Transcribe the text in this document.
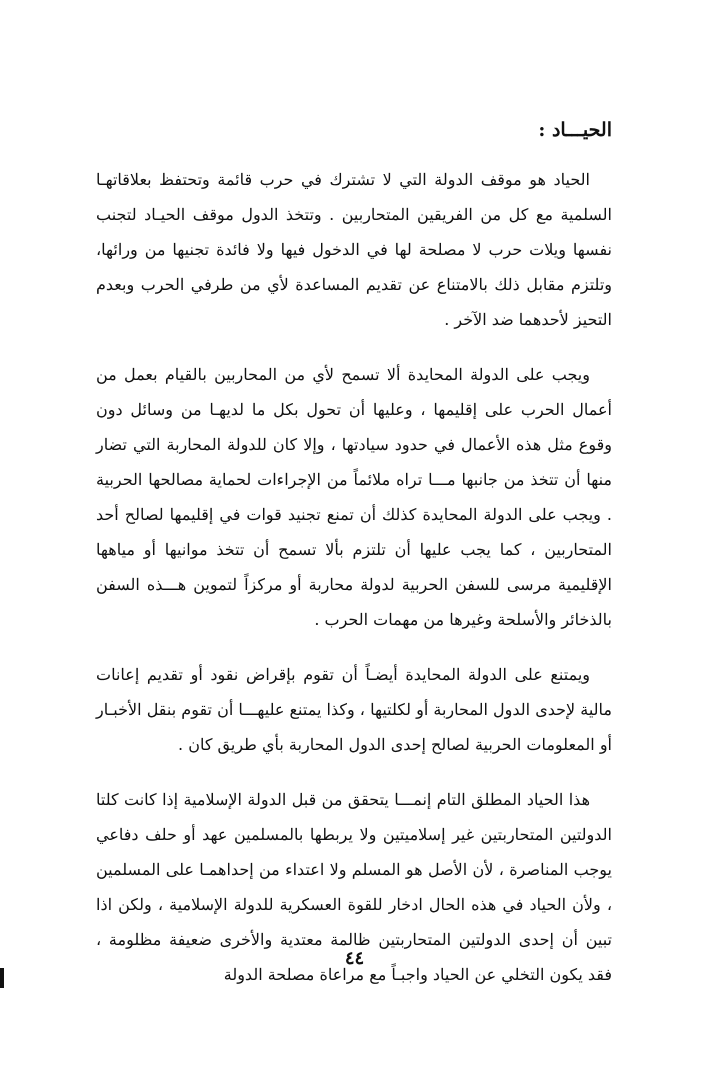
الحيـــاد :

الحياد هو موقف الدولة التي لا تشترك في حرب قائمة وتحتفظ بعلاقاتهـا السلمية مع كل من الفريقين المتحاربين . وتتخذ الدول موقف الحيـاد لتجنب نفسها ويلات حرب لا مصلحة لها في الدخول فيها ولا فائدة تجنيها من ورائها، وتلتزم مقابل ذلك بالامتناع عن تقديم المساعدة لأي من طرفي الحرب وبعدم التحيز لأحدهما ضد الآخر .

ويجب على الدولة المحايدة ألا تسمح لأي من المحاربين بالقيام بعمل من أعمال الحرب على إقليمها ، وعليها أن تحول بكل ما لديهـا من وسائل دون وقوع مثل هذه الأعمال في حدود سيادتها ، وإلا كان للدولة المحاربة التي تضار منها أن تتخذ من جانبها مـــا تراه ملائماً من الإجراءات لحماية مصالحها الحربية . ويجب على الدولة المحايدة كذلك أن تمنع تجنيد قوات في إقليمها لصالح أحد المتحاربين ، كما يجب عليها أن تلتزم بألا تسمح أن تتخذ موانيها أو مياهها الإقليمية مرسى للسفن الحربية لدولة محاربة أو مركزاً لتموين هـــذه السفن بالذخائر والأسلحة وغيرها من مهمات الحرب .

ويمتنع على الدولة المحايدة أيضـاً أن تقوم بإقراض نقود أو تقديم إعانات مالية لإحدى الدول المحاربة أو لكلتيها ، وكذا يمتنع عليهـــا أن تقوم بنقل الأخبـار أو المعلومات الحربية لصالح إحدى الدول المحاربة بأي طريق كان .

هذا الحياد المطلق التام إنمـــا يتحقق من قبل الدولة الإسلامية إذا كانت كلتا الدولتين المتحاربتين غير إسلاميتين ولا يربطها بالمسلمين عهد أو حلف دفاعي يوجب المناصرة ، لأن الأصل هو المسلم ولا اعتداء من إحداهمـا على المسلمين ، ولأن الحياد في هذه الحال ادخار للقوة العسكرية للدولة الإسلامية ، ولكن اذا تبين أن إحدى الدولتين المتحاربتين ظالمة معتدية والأخرى ضعيفة مظلومة ، فقد يكون التخلي عن الحياد واجبـاً مع مراعاة مصلحة الدولة

٤٤
